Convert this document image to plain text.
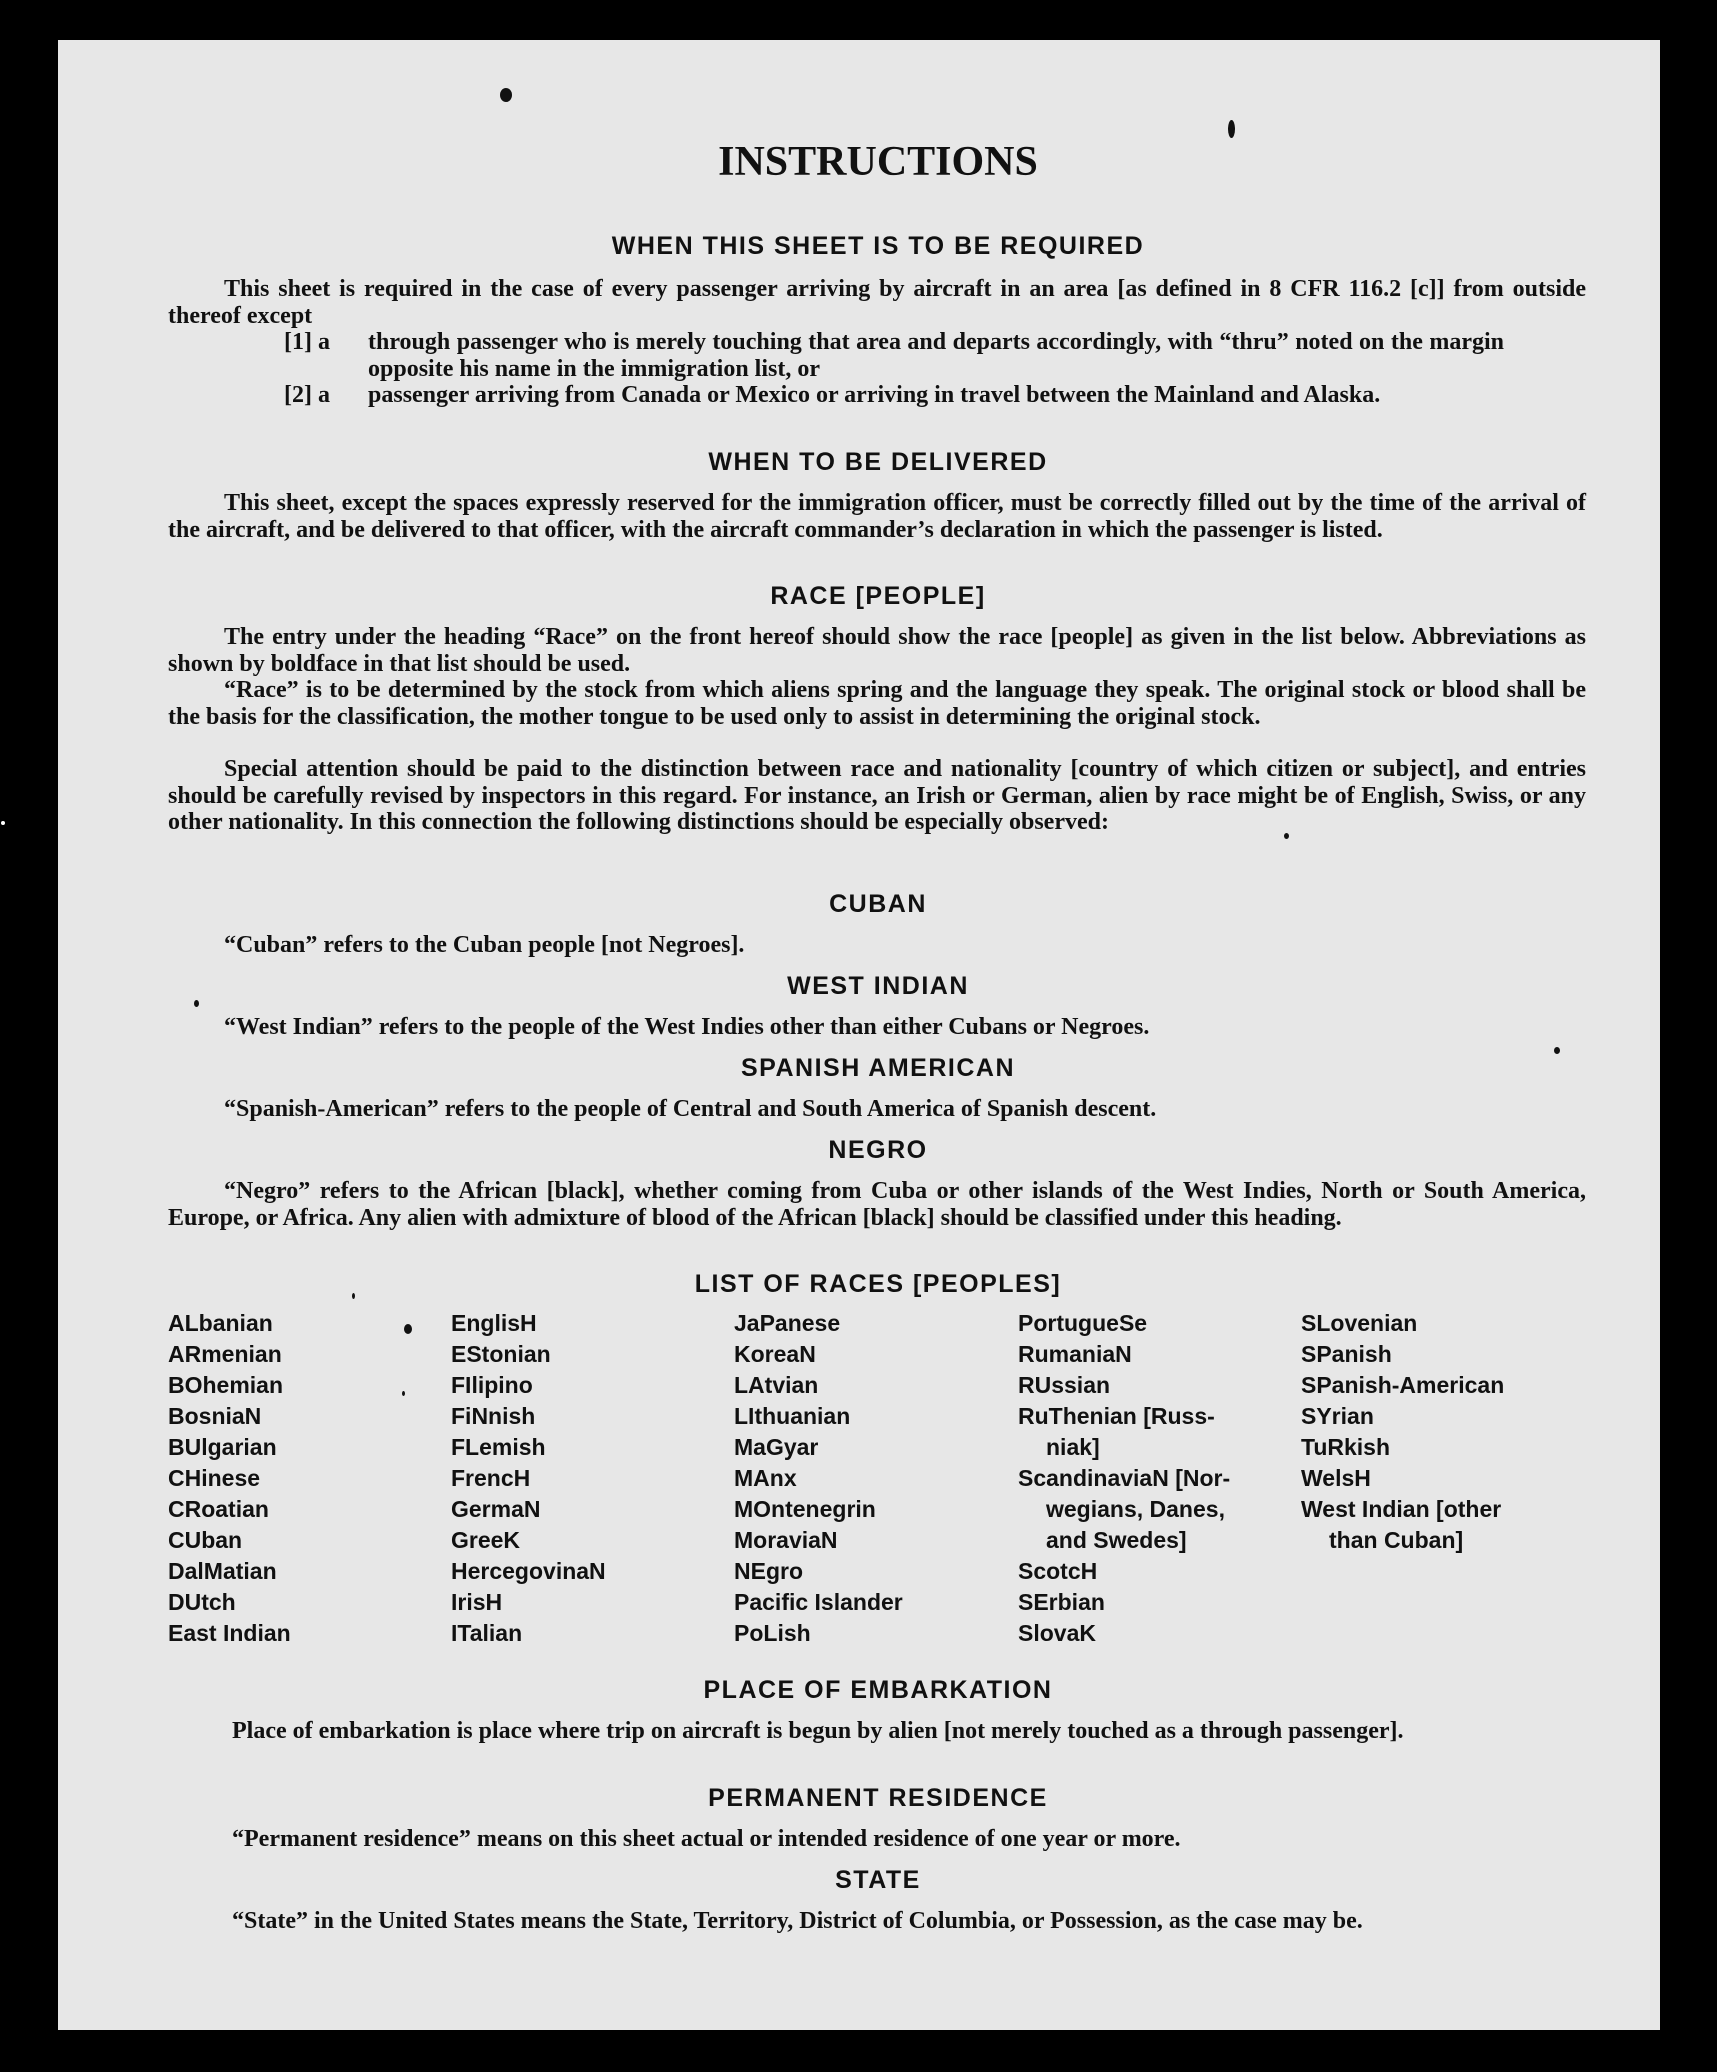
INSTRUCTIONS
WHEN THIS SHEET IS TO BE REQUIRED
This sheet is required in the case of every passenger arriving by aircraft in an area [as defined in 8 CFR 116.2 [c]] from outside thereof except
[1] a through passenger who is merely touching that area and departs accordingly, with “thru” noted on the margin opposite his name in the immigration list, or
[2] a passenger arriving from Canada or Mexico or arriving in travel between the Mainland and Alaska.
WHEN TO BE DELIVERED
This sheet, except the spaces expressly reserved for the immigration officer, must be correctly filled out by the time of the arrival of the aircraft, and be delivered to that officer, with the aircraft commander’s declaration in which the passenger is listed.
RACE [PEOPLE]
The entry under the heading “Race” on the front hereof should show the race [people] as given in the list below. Abbreviations as shown by boldface in that list should be used.
“Race” is to be determined by the stock from which aliens spring and the language they speak. The original stock or blood shall be the basis for the classification, the mother tongue to be used only to assist in determining the original stock.
Special attention should be paid to the distinction between race and nationality [country of which citizen or subject], and entries should be carefully revised by inspectors in this regard. For instance, an Irish or German, alien by race might be of English, Swiss, or any other nationality. In this connection the following distinctions should be especially observed:
CUBAN
“Cuban” refers to the Cuban people [not Negroes].
WEST INDIAN
“West Indian” refers to the people of the West Indies other than either Cubans or Negroes.
SPANISH AMERICAN
“Spanish-American” refers to the people of Central and South America of Spanish descent.
NEGRO
“Negro” refers to the African [black], whether coming from Cuba or other islands of the West Indies, North or South America, Europe, or Africa. Any alien with admixture of blood of the African [black] should be classified under this heading.
LIST OF RACES [PEOPLES]
ALbanian
ARmenian
BOhemian
BosniaN
BUlgarian
CHinese
CRoatian
CUban
DalMatian
DUtch
East Indian
EnglisH
EStonian
FIlipino
FiNnish
FLemish
FrencH
GermaN
GreeK
HercegovinaN
IrisH
ITalian
JaPanese
KoreaN
LAtvian
LIthuanian
MaGyar
MAnx
MOntenegrin
MoraviaN
NEgro
Pacific Islander
PoLish
PortugueSe
RumaniaN
RUssian
RuThenian [Russ-
niak]
ScandinaviaN [Nor-
wegians, Danes,
and Swedes]
ScotcH
SErbian
SlovaK
SLovenian
SPanish
SPanish-American
SYrian
TuRkish
WelsH
West Indian [other
than Cuban]
PLACE OF EMBARKATION
Place of embarkation is place where trip on aircraft is begun by alien [not merely touched as a through passenger].
PERMANENT RESIDENCE
“Permanent residence” means on this sheet actual or intended residence of one year or more.
STATE
“State” in the United States means the State, Territory, District of Columbia, or Possession, as the case may be.
